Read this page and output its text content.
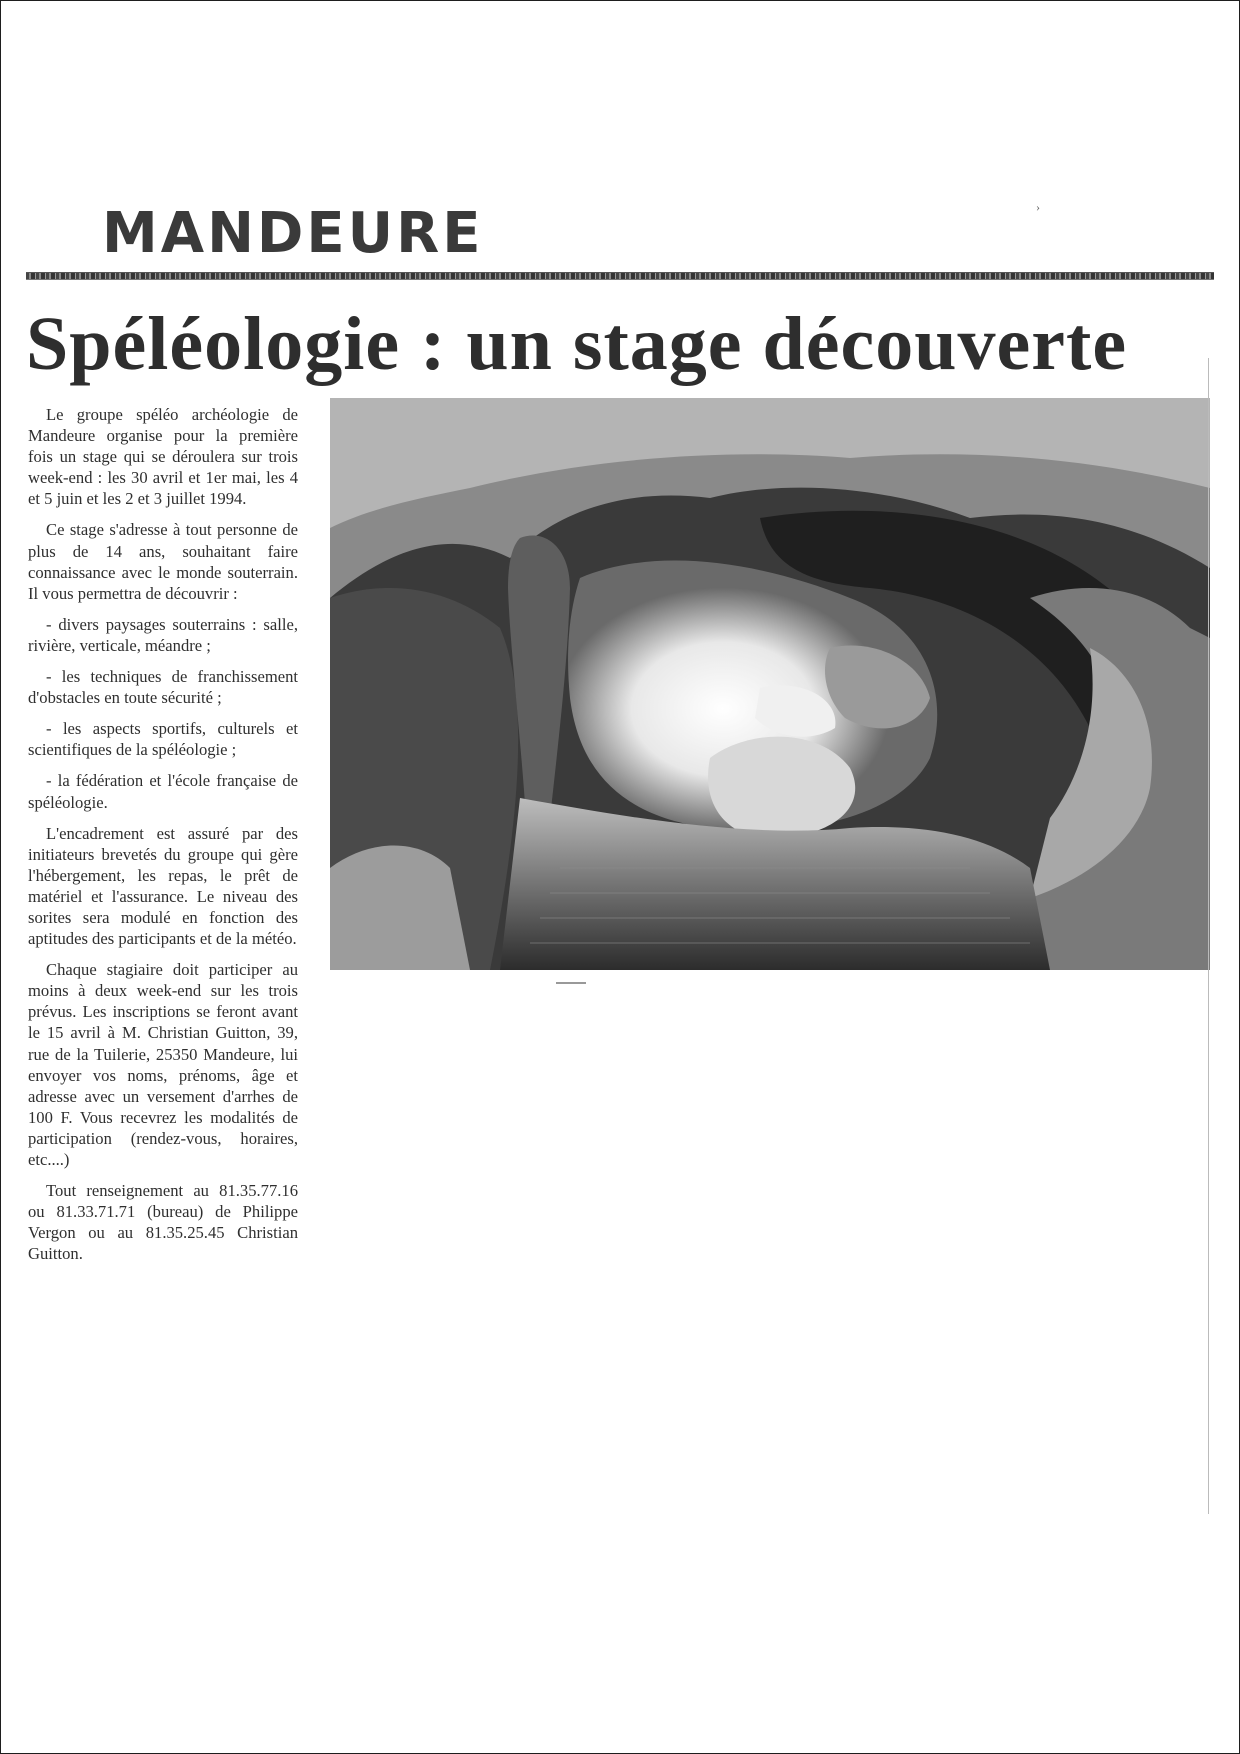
›
MANDEURE
Spéléologie : un stage découverte

Le groupe spéléo archéologie de Mandeure organise pour la première fois un stage qui se déroulera sur trois week-end : les 30 avril et 1er mai, les 4 et 5 juin et les 2 et 3 juillet 1994.

Ce stage s'adresse à tout personne de plus de 14 ans, souhaitant faire connaissance avec le monde souterrain. Il vous permettra de découvrir :

- divers paysages souterrains : salle, rivière, verticale, méandre ;

- les techniques de franchissement d'obstacles en toute sécurité ;

- les aspects sportifs, culturels et scientifiques de la spéléologie ;

- la fédération et l'école française de spéléologie.

L'encadrement est assuré par des initiateurs brevetés du groupe qui gère l'hébergement, les repas, le prêt de matériel et l'assurance. Le niveau des sorites sera modulé en fonction des aptitudes des participants et de la météo.

Chaque stagiaire doit participer au moins à deux week-end sur les trois prévus. Les inscriptions se feront avant le 15 avril à M. Christian Guitton, 39, rue de la Tuilerie, 25350 Mandeure, lui envoyer vos noms, prénoms, âge et adresse avec un versement d'arrhes de 100 F. Vous recevrez les modalités de participation (rendez-vous, horaires, etc....)

Tout renseignement au 81.35.77.16 ou 81.33.71.71 (bureau) de Philippe Vergon ou au 81.35.25.45 Christian Guitton.
